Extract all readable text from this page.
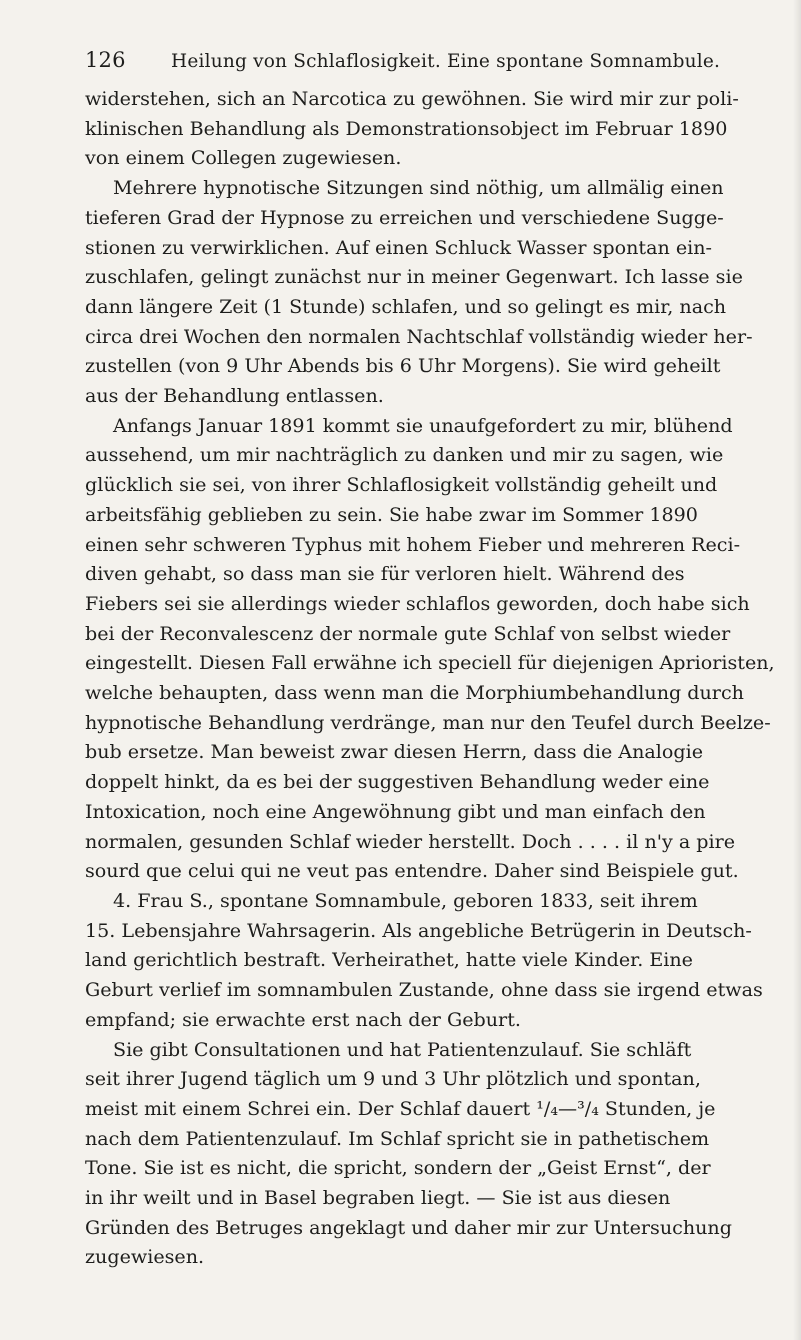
126	Heilung von Schlaflosigkeit. Eine spontane Somnambule.
widerstehen, sich an Narcotica zu gewöhnen. Sie wird mir zur poli-
klinischen Behandlung als Demonstrationsobject im Februar 1890
von einem Collegen zugewiesen.
Mehrere hypnotische Sitzungen sind nöthig, um allmälig einen
tieferen Grad der Hypnose zu erreichen und verschiedene Sugge-
stionen zu verwirklichen. Auf einen Schluck Wasser spontan ein-
zuschlafen, gelingt zunächst nur in meiner Gegenwart. Ich lasse sie
dann längere Zeit (1 Stunde) schlafen, und so gelingt es mir, nach
circa drei Wochen den normalen Nachtschlaf vollständig wieder her-
zustellen (von 9 Uhr Abends bis 6 Uhr Morgens). Sie wird geheilt
aus der Behandlung entlassen.
Anfangs Januar 1891 kommt sie unaufgefordert zu mir, blühend
aussehend, um mir nachträglich zu danken und mir zu sagen, wie
glücklich sie sei, von ihrer Schlaflosigkeit vollständig geheilt und
arbeitsfähig geblieben zu sein. Sie habe zwar im Sommer 1890
einen sehr schweren Typhus mit hohem Fieber und mehreren Reci-
diven gehabt, so dass man sie für verloren hielt. Während des
Fiebers sei sie allerdings wieder schlaflos geworden, doch habe sich
bei der Reconvalescenz der normale gute Schlaf von selbst wieder
eingestellt. Diesen Fall erwähne ich speciell für diejenigen Aprioristen,
welche behaupten, dass wenn man die Morphiumbehandlung durch
hypnotische Behandlung verdränge, man nur den Teufel durch Beelze-
bub ersetze. Man beweist zwar diesen Herrn, dass die Analogie
doppelt hinkt, da es bei der suggestiven Behandlung weder eine
Intoxication, noch eine Angewöhnung gibt und man einfach den
normalen, gesunden Schlaf wieder herstellt. Doch . . . . il n'y a pire
sourd que celui qui ne veut pas entendre. Daher sind Beispiele gut.
4. Frau S., spontane Somnambule, geboren 1833, seit ihrem
15. Lebensjahre Wahrsagerin. Als angebliche Betrügerin in Deutsch-
land gerichtlich bestraft. Verheirathet, hatte viele Kinder. Eine
Geburt verlief im somnambulen Zustande, ohne dass sie irgend etwas
empfand; sie erwachte erst nach der Geburt.
Sie gibt Consultationen und hat Patientenzulauf. Sie schläft
seit ihrer Jugend täglich um 9 und 3 Uhr plötzlich und spontan,
meist mit einem Schrei ein. Der Schlaf dauert ¹/₄—³/₄ Stunden, je
nach dem Patientenzulauf. Im Schlaf spricht sie in pathetischem
Tone. Sie ist es nicht, die spricht, sondern der „Geist Ernst“, der
in ihr weilt und in Basel begraben liegt. — Sie ist aus diesen
Gründen des Betruges angeklagt und daher mir zur Untersuchung
zugewiesen.
